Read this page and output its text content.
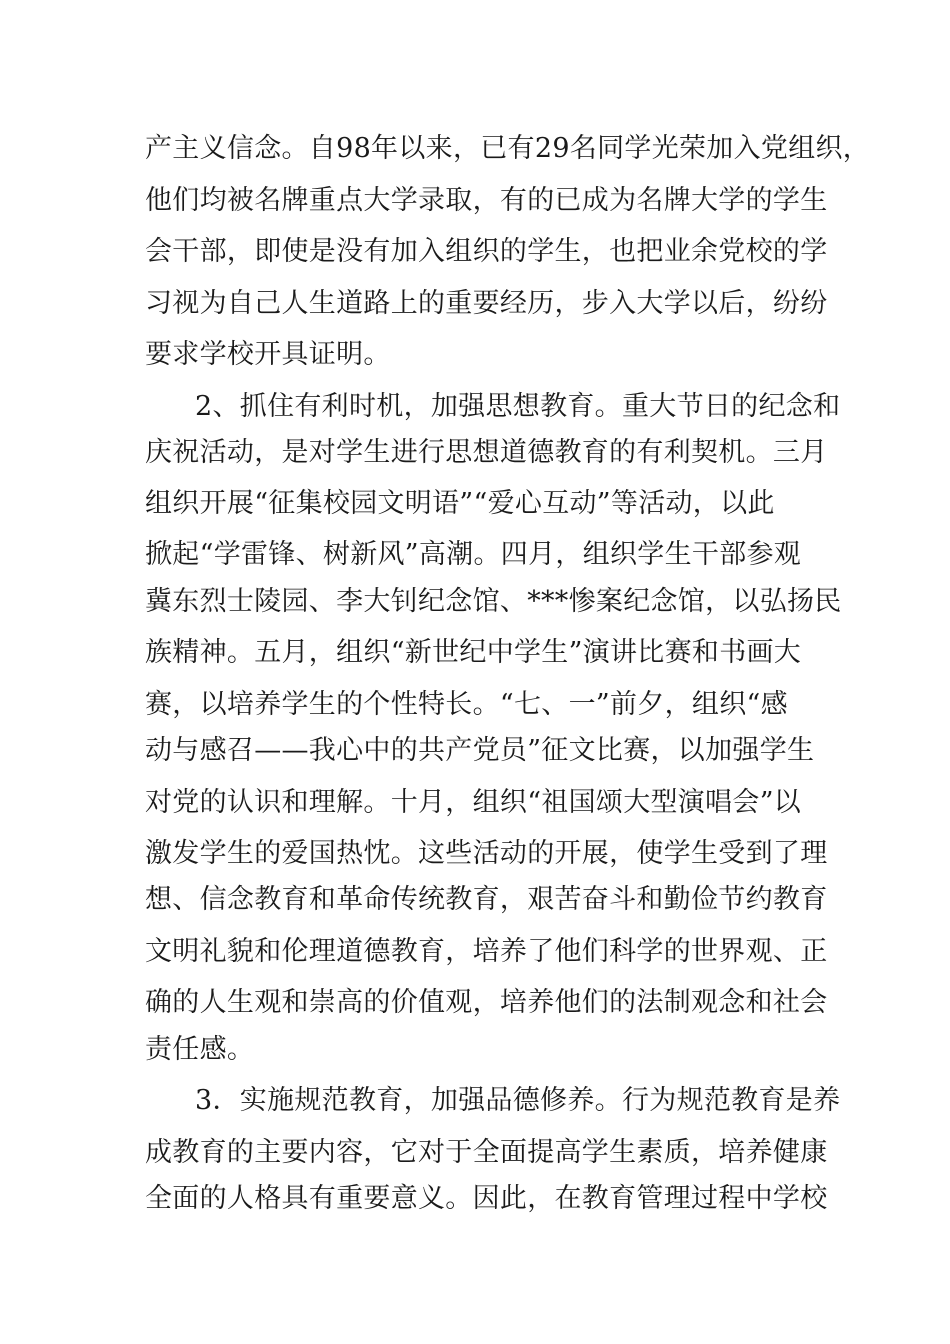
产主义信念。自98年以来，已有29名同学光荣加入党组织，
他们均被名牌重点大学录取，有的已成为名牌大学的学生
会干部，即使是没有加入组织的学生，也把业余党校的学
习视为自己人生道路上的重要经历，步入大学以后，纷纷
要求学校开具证明。
2、抓住有利时机，加强思想教育。重大节日的纪念和
庆祝活动，是对学生进行思想道德教育的有利契机。三月
组织开展“征集校园文明语”“爱心互动”等活动，以此
掀起“学雷锋、树新风”高潮。四月，组织学生干部参观
冀东烈士陵园、李大钊纪念馆、***惨案纪念馆，以弘扬民
族精神。五月，组织“新世纪中学生”演讲比赛和书画大
赛，以培养学生的个性特长。“七、一”前夕，组织“感
动与感召——我心中的共产党员”征文比赛，以加强学生
对党的认识和理解。十月，组织“祖国颂大型演唱会”以
激发学生的爱国热忱。这些活动的开展，使学生受到了理
想、信念教育和革命传统教育，艰苦奋斗和勤俭节约教育
文明礼貌和伦理道德教育，培养了他们科学的世界观、正
确的人生观和崇高的价值观，培养他们的法制观念和社会
责任感。
3．实施规范教育，加强品德修养。行为规范教育是养
成教育的主要内容，它对于全面提高学生素质，培养健康
全面的人格具有重要意义。因此，在教育管理过程中学校
